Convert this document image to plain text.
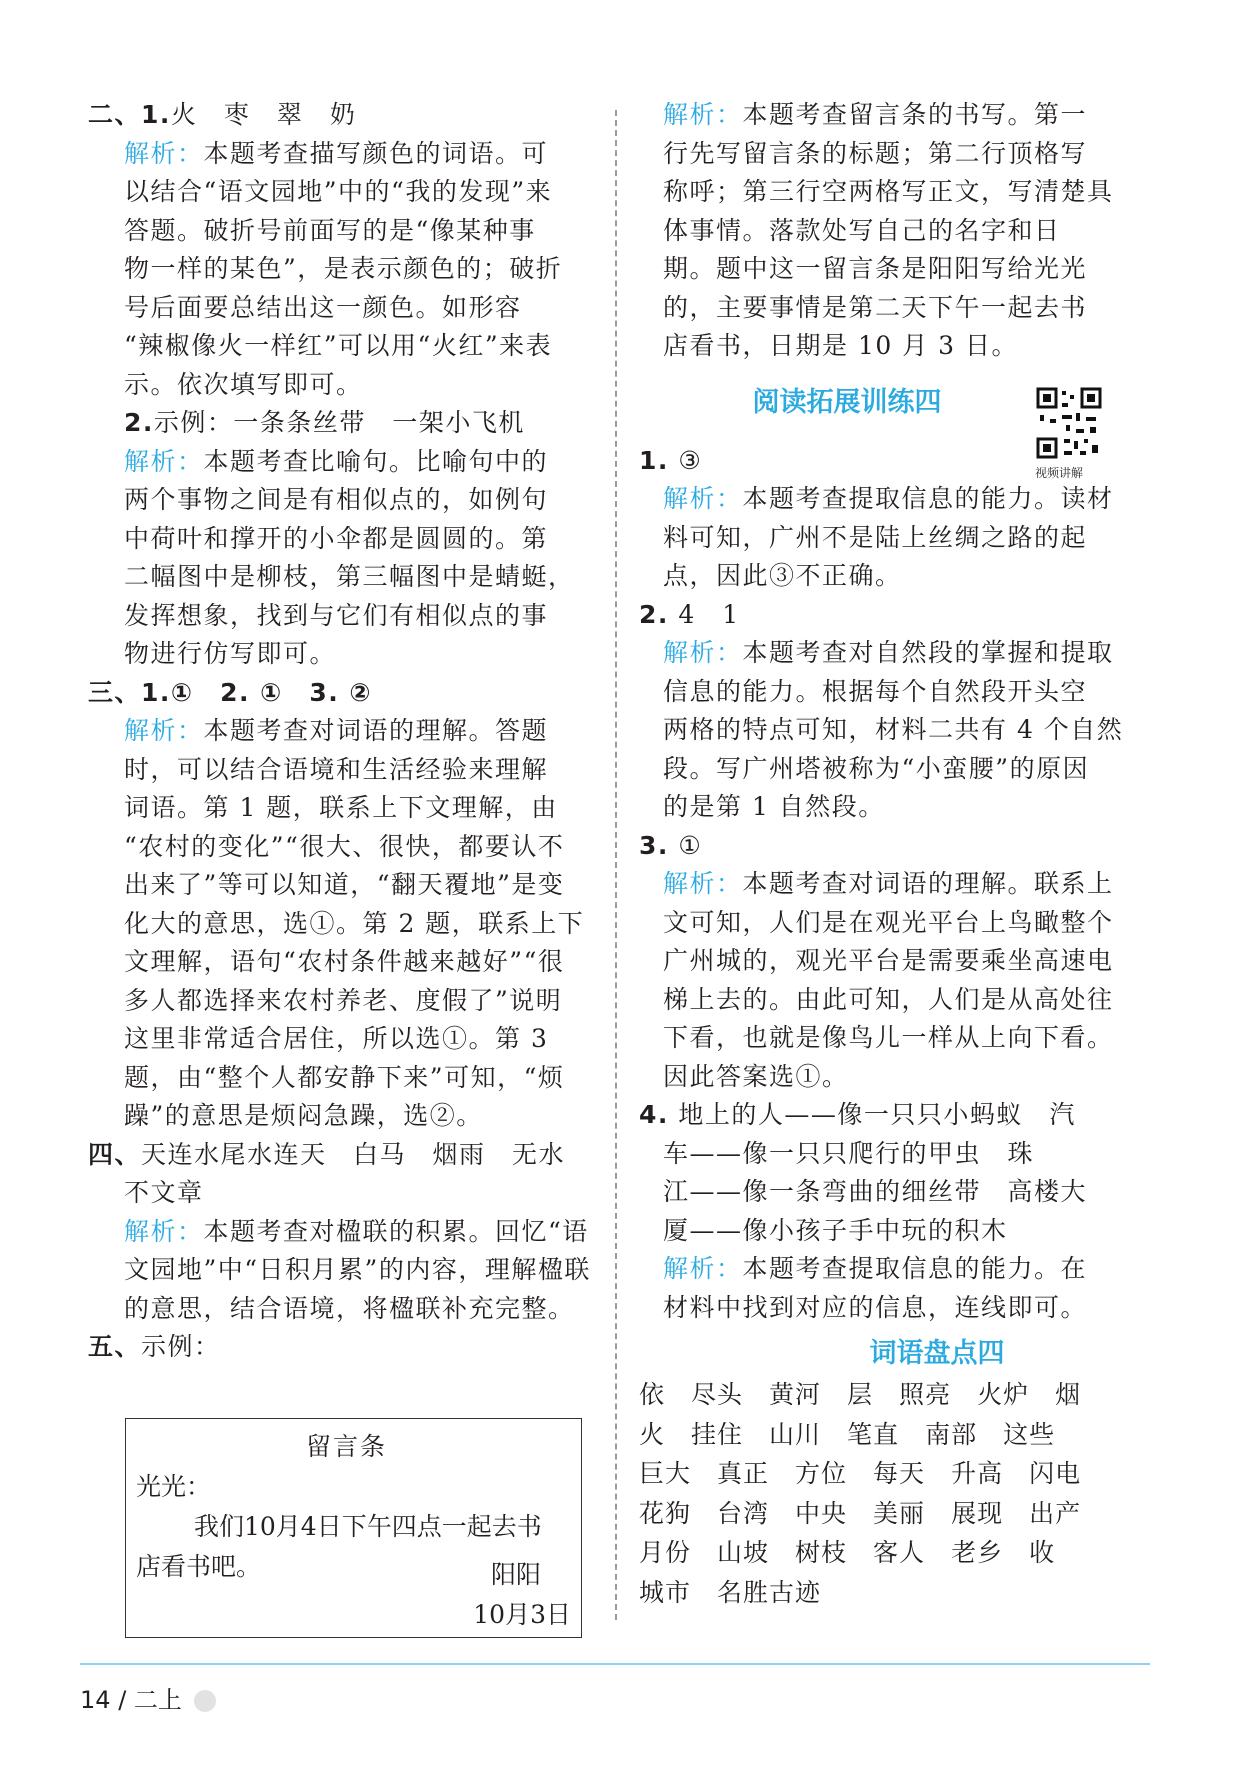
二、1.火　枣　翠　奶

解析：本题考查描写颜色的词语。可

以结合“语文园地”中的“我的发现”来

答题。破折号前面写的是“像某种事

物一样的某色”，是表示颜色的；破折

号后面要总结出这一颜色。如形容

“辣椒像火一样红”可以用“火红”来表

示。依次填写即可。

2.示例：一条条丝带　一架小飞机

解析：本题考查比喻句。比喻句中的

两个事物之间是有相似点的，如例句

中荷叶和撑开的小伞都是圆圆的。第

二幅图中是柳枝，第三幅图中是蜻蜓，

发挥想象，找到与它们有相似点的事

物进行仿写即可。

三、1.①　2. ①　3. ②

解析：本题考查对词语的理解。答题

时，可以结合语境和生活经验来理解

词语。第 1 题，联系上下文理解，由

“农村的变化”“很大、很快，都要认不

出来了”等可以知道，“翻天覆地”是变

化大的意思，选①。第 2 题，联系上下

文理解，语句“农村条件越来越好”“很

多人都选择来农村养老、度假了”说明

这里非常适合居住，所以选①。第 3

题，由“整个人都安静下来”可知，“烦

躁”的意思是烦闷急躁，选②。

四、天连水尾水连天　白马　烟雨　无水

不文章

解析：本题考查对楹联的积累。回忆“语

文园地”中“日积月累”的内容，理解楹联

的意思，结合语境，将楹联补充完整。

五、示例：

留言条
光光：
我们10月4日下午四点一起去书店看书吧。	阳阳
10月3日

解析：本题考查留言条的书写。第一

行先写留言条的标题；第二行顶格写

称呼；第三行空两格写正文，写清楚具

体事情。落款处写自己的名字和日

期。题中这一留言条是阳阳写给光光

的，主要事情是第二天下午一起去书

店看书，日期是 10 月 3 日。

阅读拓展训练四

1. ③

解析：本题考查提取信息的能力。读材

料可知，广州不是陆上丝绸之路的起

点，因此③不正确。

2. 4　1

解析：本题考查对自然段的掌握和提取

信息的能力。根据每个自然段开头空

两格的特点可知，材料二共有 4 个自然

段。写广州塔被称为“小蛮腰”的原因

的是第 1 自然段。

3. ①

解析：本题考查对词语的理解。联系上

文可知，人们是在观光平台上鸟瞰整个

广州城的，观光平台是需要乘坐高速电

梯上去的。由此可知，人们是从高处往

下看，也就是像鸟儿一样从上向下看。

因此答案选①。

4. 地上的人——像一只只小蚂蚁　汽

车——像一只只爬行的甲虫　珠

江——像一条弯曲的细丝带　高楼大

厦——像小孩子手中玩的积木

解析：本题考查提取信息的能力。在

材料中找到对应的信息，连线即可。

词语盘点四
依 尽头 黄河 层 照亮 火炉 烟
火 挂住 山川 笔直 南部 这些
巨大 真正 方位 每天 升高 闪电
花狗 台湾 中央 美丽 展现 出产
月份 山坡 树枝 客人 老乡 收
城市 名胜古迹
视频讲解
14 / 二上
